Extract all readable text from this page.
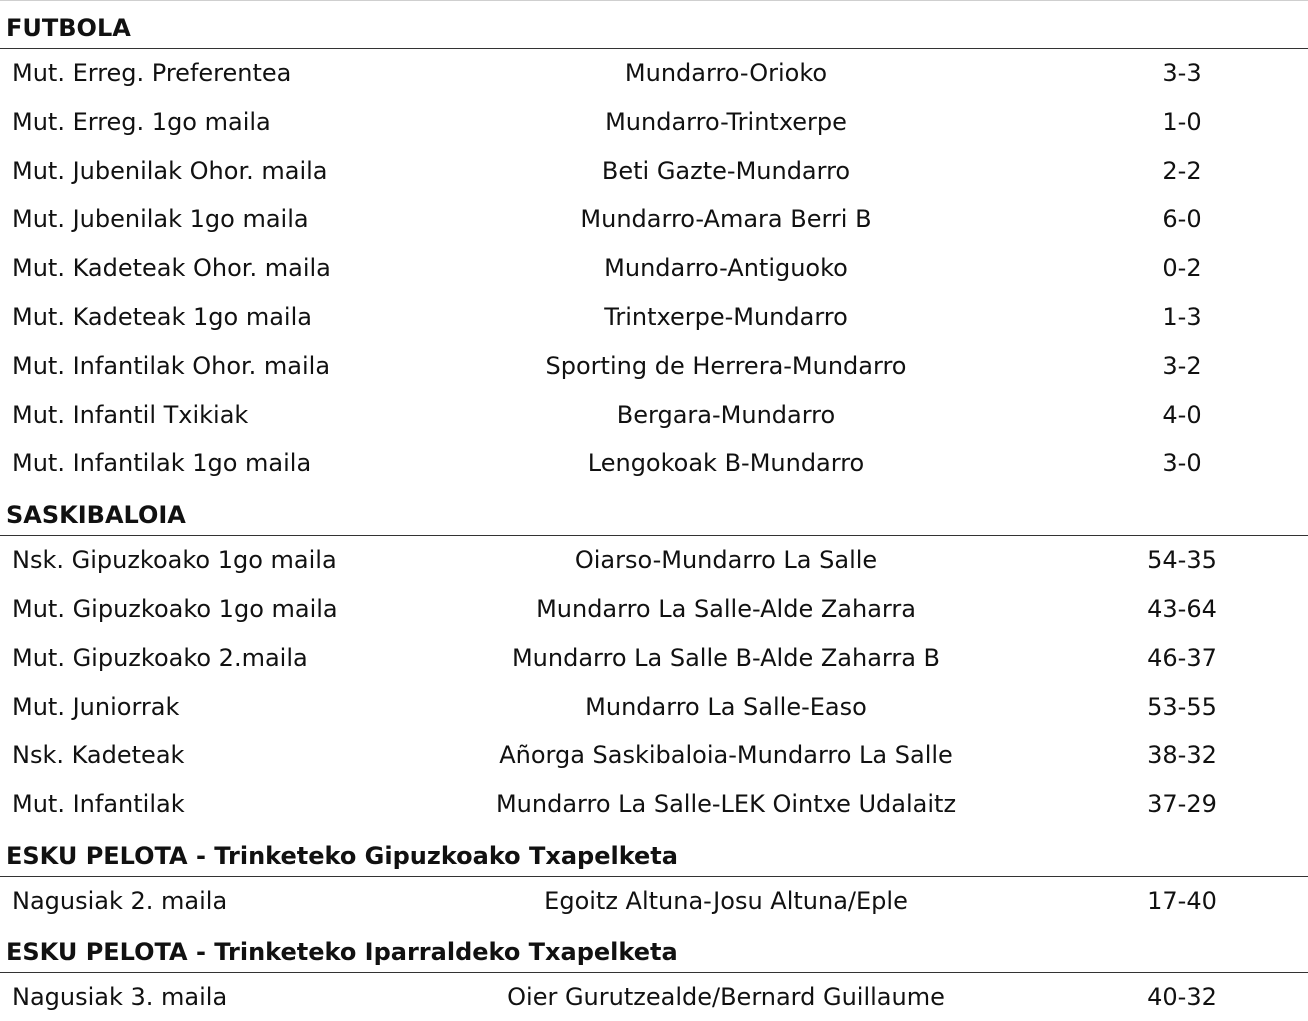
FUTBOLA
Mut. Erreg. Preferentea	Mundarro-Orioko	3-3
Mut. Erreg. 1go maila	Mundarro-Trintxerpe	1-0
Mut. Jubenilak Ohor. maila	Beti Gazte-Mundarro	2-2
Mut. Jubenilak 1go maila	Mundarro-Amara Berri B	6-0
Mut. Kadeteak Ohor. maila	Mundarro-Antiguoko	0-2
Mut. Kadeteak 1go maila	Trintxerpe-Mundarro	1-3
Mut. Infantilak Ohor. maila	Sporting de Herrera-Mundarro	3-2
Mut. Infantil Txikiak	Bergara-Mundarro	4-0
Mut. Infantilak 1go maila	Lengokoak B-Mundarro	3-0
SASKIBALOIA
Nsk. Gipuzkoako 1go maila	Oiarso-Mundarro La Salle	54-35
Mut. Gipuzkoako 1go maila	Mundarro La Salle-Alde Zaharra	43-64
Mut. Gipuzkoako 2.maila	Mundarro La Salle B-Alde Zaharra B	46-37
Mut. Juniorrak	Mundarro La Salle-Easo	53-55
Nsk. Kadeteak	Añorga Saskibaloia-Mundarro La Salle	38-32
Mut. Infantilak	Mundarro La Salle-LEK Ointxe Udalaitz	37-29
ESKU PELOTA - Trinketeko Gipuzkoako Txapelketa
Nagusiak 2. maila	Egoitz Altuna-Josu Altuna/Eple	17-40
ESKU PELOTA - Trinketeko Iparraldeko Txapelketa
Nagusiak 3. maila	Oier Gurutzealde/Bernard Guillaume	40-32
